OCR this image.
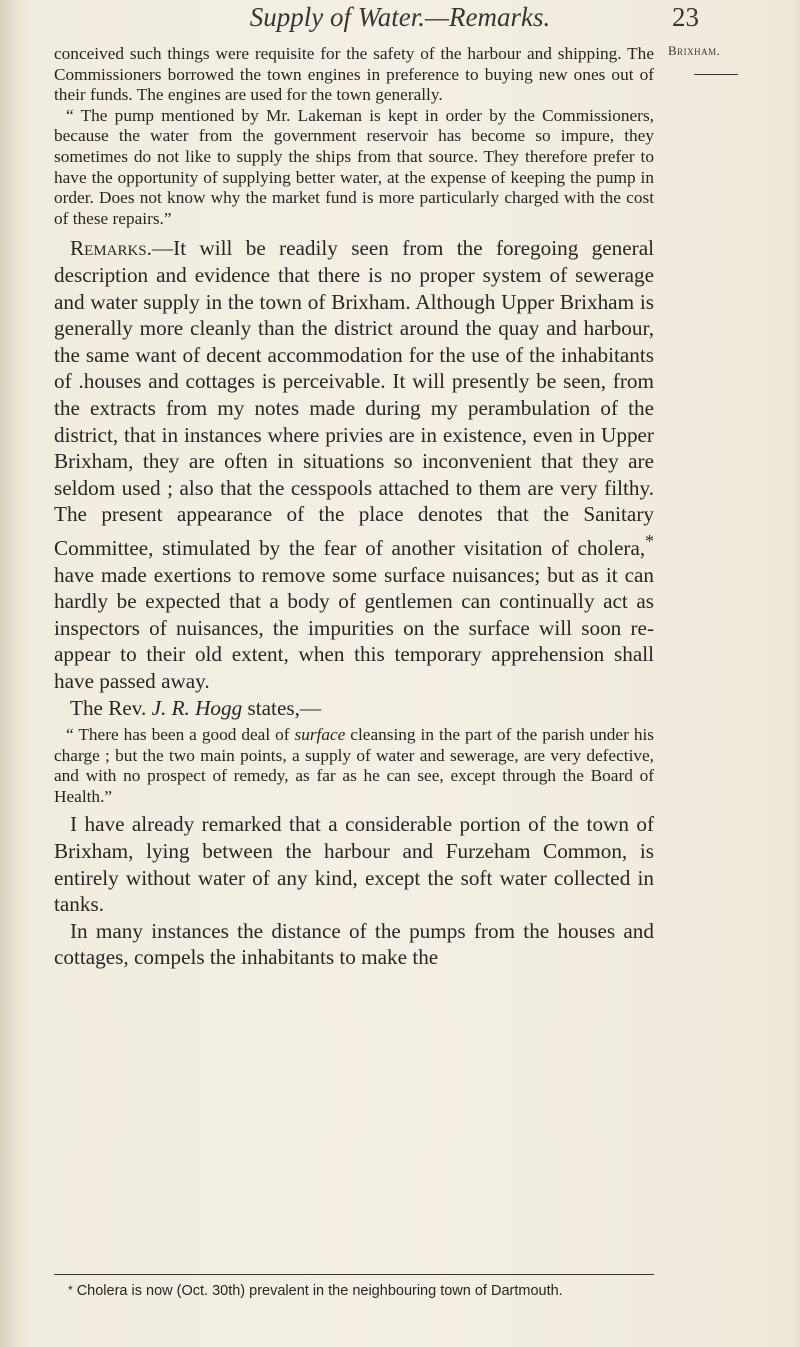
Supply of Water.—Remarks.	23
Brixham.

conceived such things were requisite for the safety of the harbour and shipping. The Commissioners borrowed the town engines in preference to buying new ones out of their funds. The engines are used for the town generally.

“ The pump mentioned by Mr. Lakeman is kept in order by the Commissioners, because the water from the government reservoir has become so impure, they sometimes do not like to supply the ships from that source. They therefore prefer to have the opportunity of supplying better water, at the expense of keeping the pump in order. Does not know why the market fund is more particularly charged with the cost of these repairs.”

Remarks.—It will be readily seen from the foregoing general description and evidence that there is no proper system of sewerage and water supply in the town of Brixham. Although Upper Brixham is generally more cleanly than the district around the quay and harbour, the same want of decent accommodation for the use of the inhabitants of .houses and cottages is perceivable. It will presently be seen, from the extracts from my notes made during my perambulation of the district, that in instances where privies are in existence, even in Upper Brixham, they are often in situations so inconvenient that they are seldom used ; also that the cesspools attached to them are very filthy. The present appearance of the place denotes that the Sanitary Committee, stimulated by the fear of another visitation of cholera,* have made exertions to remove some surface nuisances; but as it can hardly be expected that a body of gentlemen can continually act as inspectors of nuisances, the impurities on the surface will soon re-appear to their old extent, when this temporary apprehension shall have passed away.

The Rev. J. R. Hogg states,—

“ There has been a good deal of surface cleansing in the part of the parish under his charge ; but the two main points, a supply of water and sewerage, are very defective, and with no prospect of remedy, as far as he can see, except through the Board of Health.”

I have already remarked that a considerable portion of the town of Brixham, lying between the harbour and Furzeham Common, is entirely without water of any kind, except the soft water collected in tanks.

In many instances the distance of the pumps from the houses and cottages, compels the inhabitants to make the

* Cholera is now (Oct. 30th) prevalent in the neighbouring town of Dartmouth.
